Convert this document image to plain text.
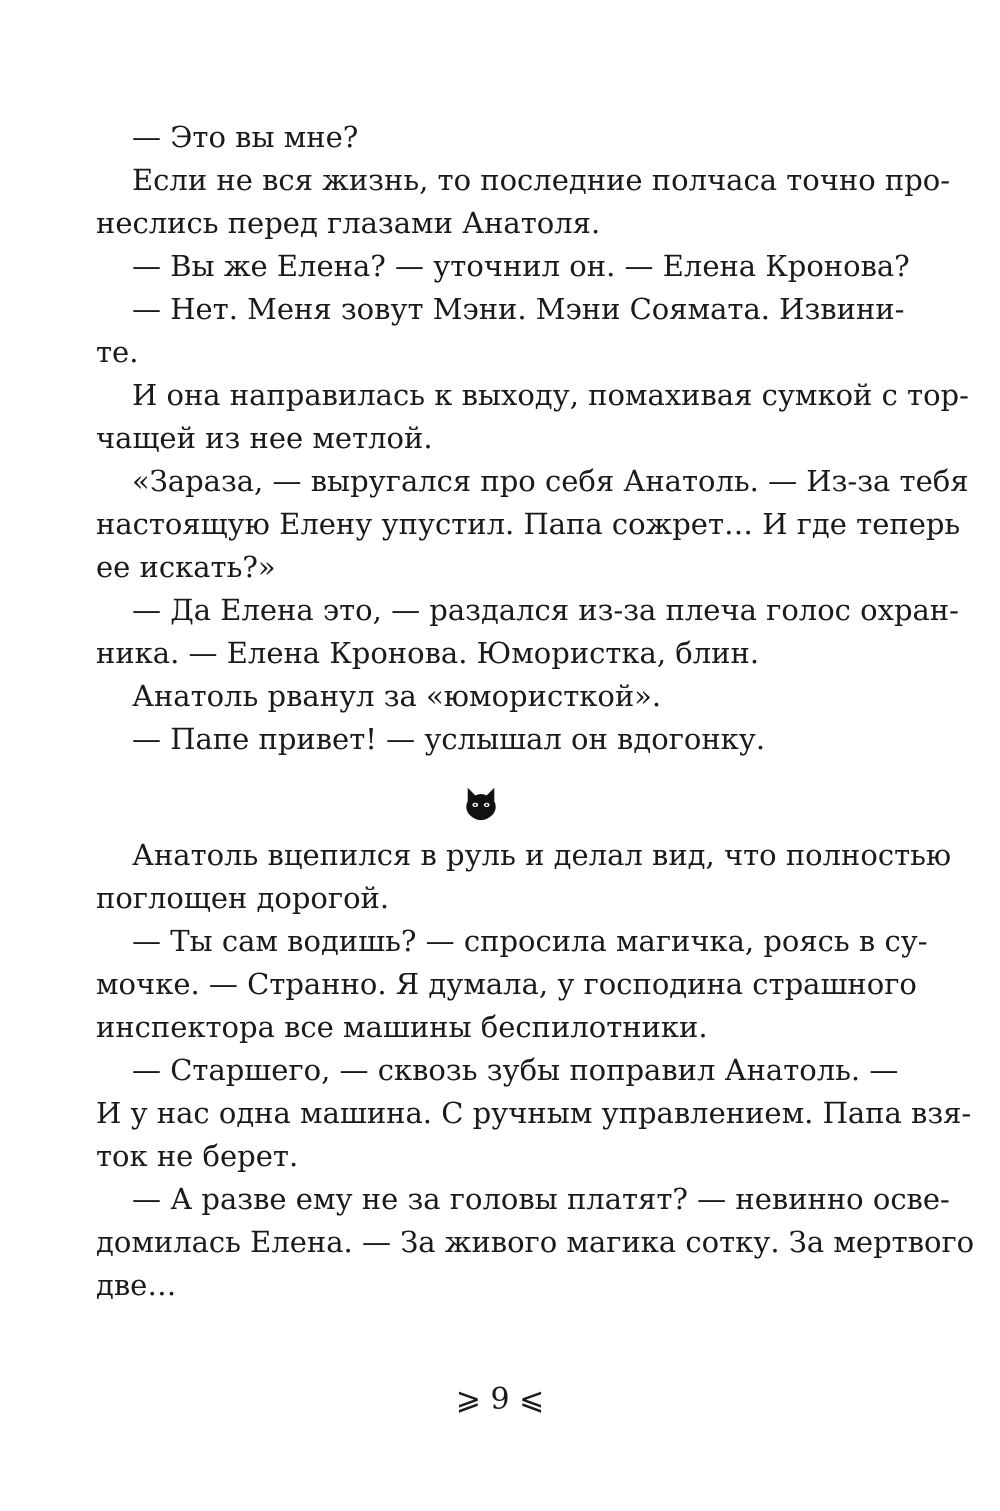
— Это вы мне?
Если не вся жизнь, то последние полчаса точно про-
неслись перед глазами Анатоля.
— Вы же Елена? — уточнил он. — Елена Кронова?
— Нет. Меня зовут Мэни. Мэни Соямата. Извини-
те.
И она направилась к выходу, помахивая сумкой с тор-
чащей из нее метлой.
«Зараза, — выругался про себя Анатоль. — Из-за тебя
настоящую Елену упустил. Папа сожрет… И где теперь
ее искать?»
— Да Елена это, — раздался из-за плеча голос охран-
ника. — Елена Кронова. Юмористка, блин.
Анатоль рванул за «юмористкой».
— Папе привет! — услышал он вдогонку.
Анатоль вцепился в руль и делал вид, что полностью
поглощен дорогой.
— Ты сам водишь? — спросила магичка, роясь в су-
мочке. — Странно. Я думала, у господина страшного
инспектора все машины беспилотники.
— Старшего, — сквозь зубы поправил Анатоль. —
И у нас одна машина. С ручным управлением. Папа взя-
ток не берет.
— А разве ему не за головы платят? — невинно осве-
домилась Елена. — За живого магика сотку. За мертвого
две…
⩾ 9 ⩽
